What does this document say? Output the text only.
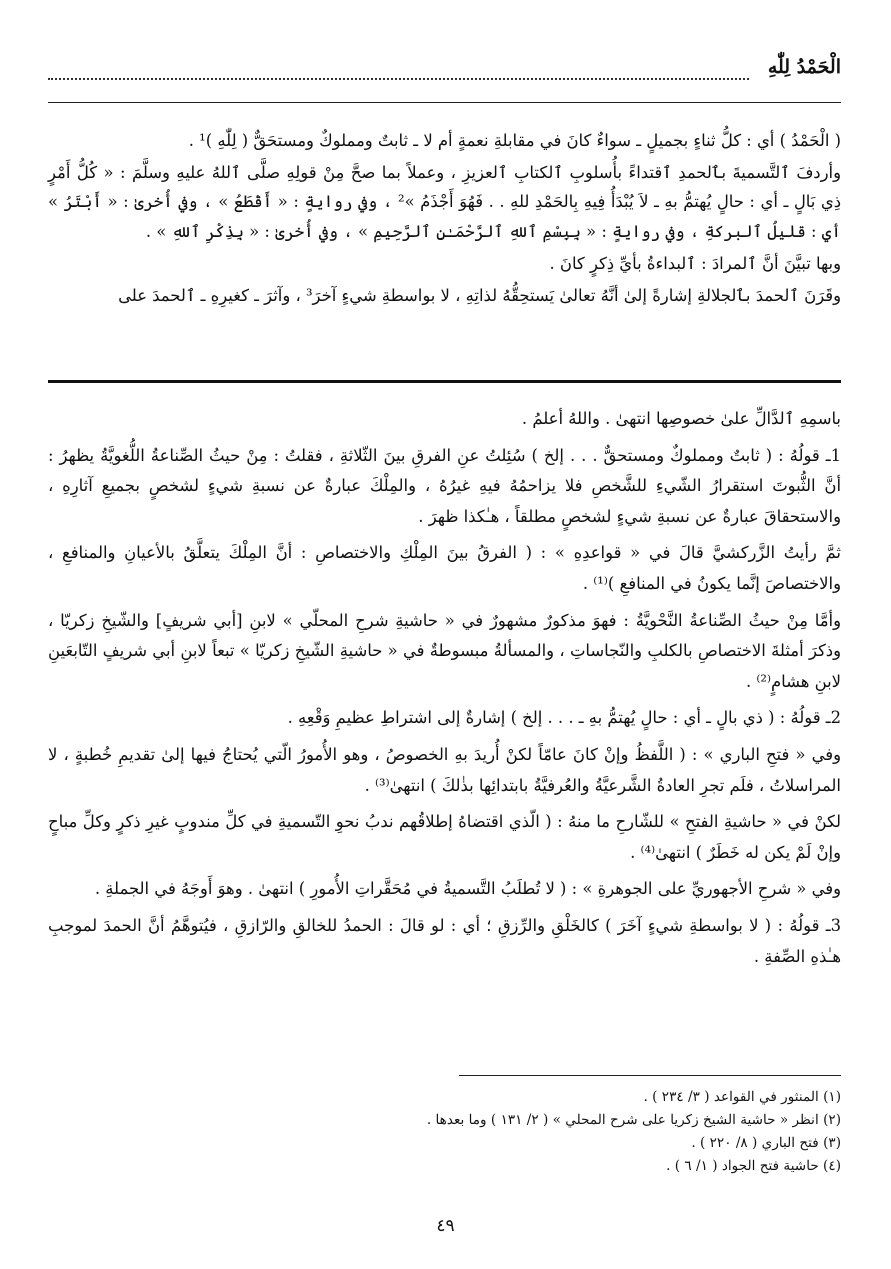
الْحَمْدُ لِلّٰهِ

( الْحَمْدُ ) أي : كلُّ ثناءٍ بجميلٍ ـ سواءٌ كانَ في مقابلةِ نعمةٍ أم لا ـ ثابتٌ ومملوكٌ ومستحَقٌّ ( لِلّٰهِ )¹ .

وأردفَ ٱلتَّسميةَ بٱلحمدِ ٱقتداءً بأُسلوبِ ٱلكتابِ ٱلعزيزِ ، وعملاً بما صحَّ مِنْ قولِهِ صلَّى ٱللهُ عليهِ وسلَّمَ : « كُلُّ أَمْرٍ ذِي بَالٍ ـ أي : حالٍ يُهتمُّ بهِ ـ لاَ يُبْدَأُ فِيهِ بِالحَمْدِ للهِ . . فَهُوَ أَجْذَمُ »² ، وفي روايةٍ : « أَقْطَعُ » ، وفي أُخرىٰ : « أَبْتَرُ » أي : قليلُ ٱلبركةِ ، وفي روايةٍ : « بِبِسْمِ ٱللهِ ٱلرَّحْمَـٰنِ ٱلرَّحِيمِ » ، وفي أُخرىٰ : « بِذِكْرِ ٱللهِ » .

وبها تبيَّنَ أنَّ ٱلمرادَ : ٱلبداءةُ بأيِّ ذِكرٍ كانَ .

وقَرَنَ ٱلحمدَ بٱلجلالةِ إشارةً إلىٰ أنَّهُ تعالىٰ يَستحِقُّهُ لذاتِهِ ، لا بواسطةِ شيءٍ آخرَ³ ، وآثرَ ـ كغيرِهِ ـ ٱلحمدَ على

باسمِهِ ٱلدَّالِّ علىٰ خصوصِها انتهىٰ . واللهُ أعلمُ .

1ـ قولُهُ : ( ثابتٌ ومملوكٌ ومستحقٌّ . . . إلخ ) سُئِلتُ عنِ الفرقِ بينَ الثّلاثةِ ، فقلتُ : مِنْ حيثُ الصِّناعةُ اللُّغويَّةُ يظهرُ : أنَّ الثُّبوتَ استقرارُ الشّيءِ للشَّخصِ فلا يزاحمُهُ فيهِ غيرُهُ ، والمِلْكَ عبارةٌ عن نسبةِ شيءٍ لشخصٍ بجميعِ آثارِهِ ، والاستحقاقَ عبارةٌ عن نسبةِ شيءٍ لشخصٍ مطلقاً ، هـٰكذا ظهرَ .

ثمَّ رأيتُ الزَّركشيَّ قالَ في « قواعدِهِ » : ( الفرقُ بينَ المِلْكِ والاختصاصِ : أنَّ المِلْكَ يتعلَّقُ بالأعيانِ والمنافعِ ، والاختصاصَ إنَّما يكونُ في المنافعِ )⁽¹⁾ .

وأمَّا مِنْ حيثُ الصِّناعةُ النَّحْويَّةُ : فهوَ مذكورٌ مشهورٌ في « حاشيةِ شرحِ المحلّي » لابنِ [أبي شريفٍ] والشّيخِ زكريّا ، وذكرَ أمثلةَ الاختصاصِ بالكلبِ والنّجاساتِ ، والمسألةُ مبسوطةٌ في « حاشيةِ الشّيخِ زكريّا » تبعاً لابنِ أبي شريفٍ التّابعَينِ لابنِ هشامٍ⁽²⁾ .

2ـ قولُهُ : ( ذي بالٍ ـ أي : حالٍ يُهتمُّ بهِ ـ . . . إلخ ) إشارةٌ إلى اشتراطِ عظيمِ وَقْعِهِ .

وفي « فتحِ الباري » : ( اللَّفظُ وإنْ كانَ عامّاً لكنْ أُريدَ بهِ الخصوصُ ، وهو الأُمورُ الّتي يُحتاجُ فيها إلىٰ تقديمِ خُطبةٍ ، لا المراسلاتُ ، فلَم تجرِ العادةُ الشَّرعيَّةُ والعُرفيَّةُ بابتدائِها بذٰلكَ ) انتهىٰ⁽³⁾ .

لكنْ في « حاشيةِ الفتحِ » للشّارحِ ما منهُ : ( الّذي اقتضاهُ إطلاقُهم ندبُ نحوِ التّسميةِ في كلِّ مندوبٍ غيرِ ذكرٍ وكلِّ مباحٍ وإنْ لَمْ يكن له خَطَرٌ ) انتهىٰ⁽⁴⁾ .

وفي « شرحِ الأجهوريِّ على الجوهرةِ » : ( لا تُطلَبُ التَّسميةُ في مُحَقَّراتِ الأُمورِ ) انتهىٰ . وهوَ أَوجَهُ في الجملةِ .

3ـ قولُهُ : ( لا بواسطةِ شيءٍ آخَرَ ) كالخَلْقِ والرِّزقِ ؛ أي : لو قالَ : الحمدُ للخالقِ والرّازقِ ، فيُتوهَّمُ أنَّ الحمدَ لموجبِ هـٰذهِ الصِّفةِ .

(١) المنثور في القواعد ( ٣/ ٢٣٤ ) .

(٢) انظر « حاشية الشيخ زكريا على شرح المحلي » ( ٢/ ١٣١ ) وما بعدها .

(٣) فتح الباري ( ٨/ ٢٢٠ ) .

(٤) حاشية فتح الجواد ( ١/ ٦ ) .

٤٩
